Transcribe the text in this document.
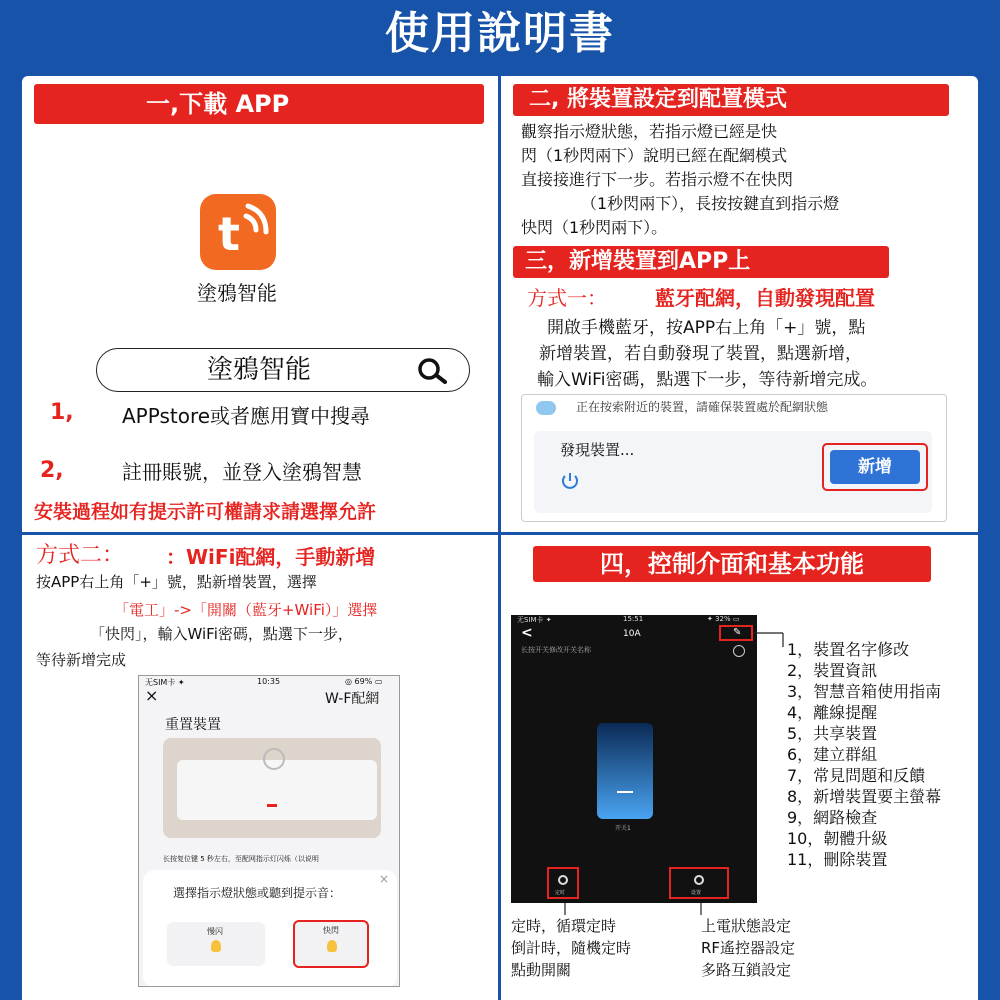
使用說明書
一,下載 APP
t
塗鴉智能
塗鴉智能
1, APPstore或者應用寶中搜尋
2,	註冊賬號，並登入塗鴉智慧
安裝過程如有提示許可權請求請選擇允許
二, 將裝置設定到配置模式
觀察指示燈狀態，若指示燈已經是快
閃（1秒閃兩下）說明已經在配網模式
直接接進行下一步。若指示燈不在快閃
（1秒閃兩下），長按按鍵直到指示燈
快閃（1秒閃兩下）。
三，新增裝置到APP上
方式一： 藍牙配網，自動發現配置
開啟手機藍牙，按APP右上角「+」號，點
新增裝置，若自動發現了裝置，點選新增，
輸入WiFi密碼，點選下一步，等待新增完成。
正在按索附近的裝置，請確保裝置處於配網狀態
發現裝置...
新增
方式二： ：WiFi配網，手動新增
按APP右上角「+」號，點新增裝置，選擇
「電工」->「開關（藍牙+WiFi）」選擇
「快閃」，輸入WiFi密碼，點選下一步，
等待新增完成
无SIM卡 ✦	10:35	◎ 69% ▭
×	W-F配網
重置裝置
长按复位键 5 秒左右，至配网指示灯闪烁（以说明
×
選擇指示燈狀態或聽到提示音：
慢闪	快閃
四，控制介面和基本功能
无SIM卡 ✦	15:51	✦ 32% ▭
<	10A	✎
长按开关修改开关名称
开关1
定时	设置
1，裝置名字修改
2，裝置資訊
3，智慧音箱使用指南
4，離線提醒
5，共享裝置
6，建立群組
7，常見問題和反饋
8，新增裝置要主螢幕
9，網路檢查
10，韌體升級
11，刪除裝置
定時，循環定時
倒計時，隨機定時
點動開關
上電狀態設定
RF遙控器設定
多路互鎖設定
